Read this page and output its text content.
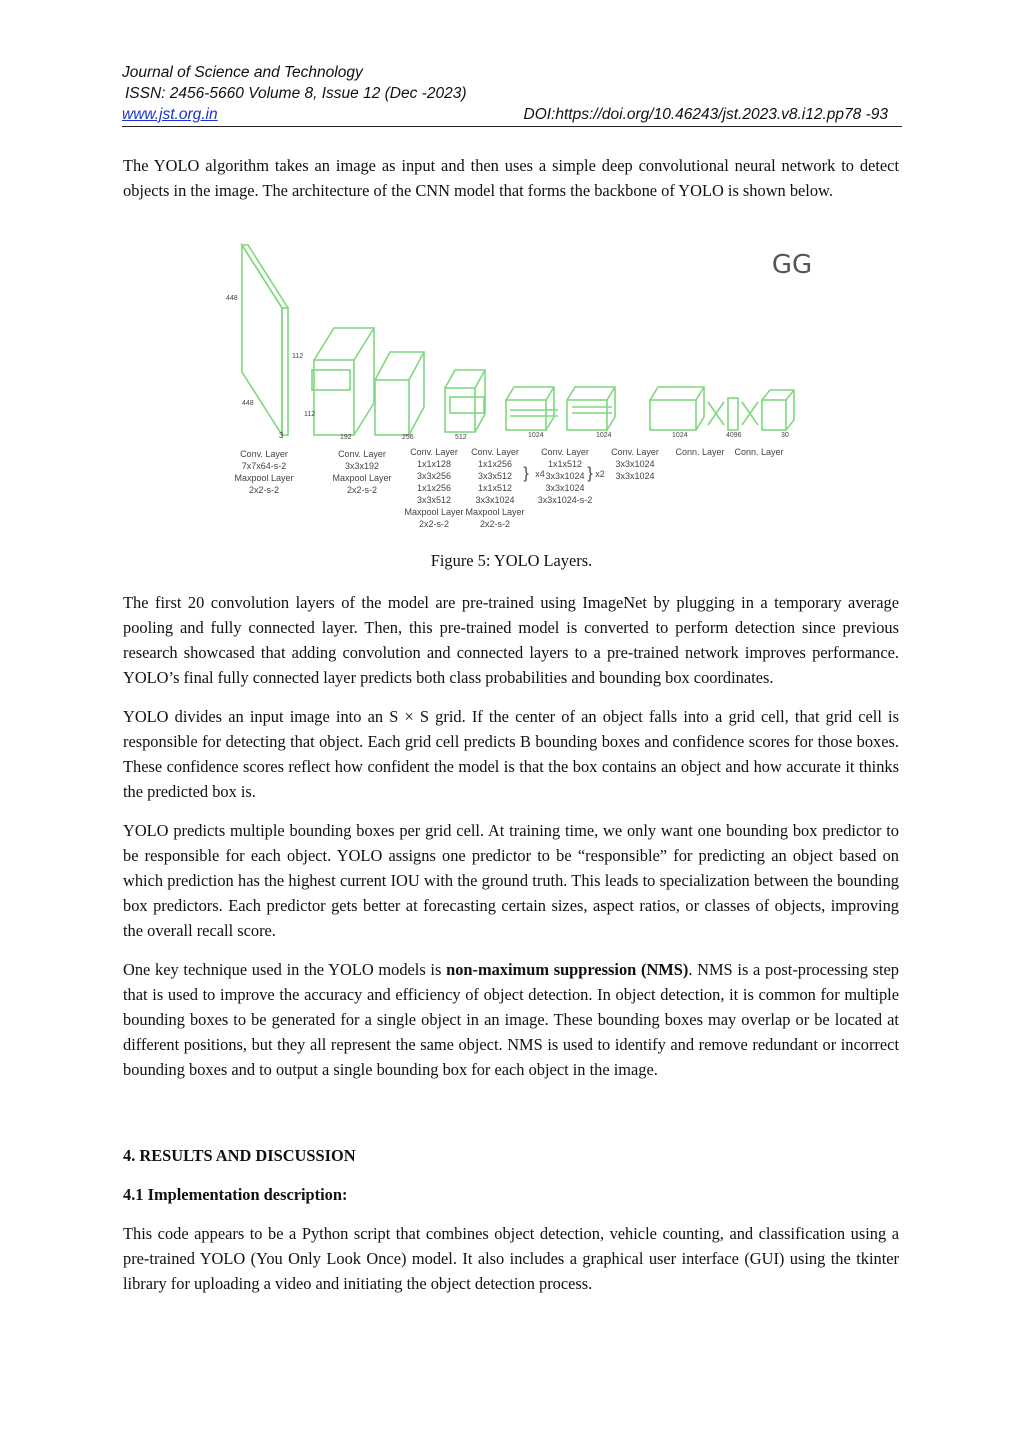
Journal of Science and Technology
ISSN: 2456-5660 Volume 8, Issue 12 (Dec -2023)
www.jst.org.in	DOI:https://doi.org/10.46243/jst.2023.v8.i12.pp78 -93

The YOLO algorithm takes an image as input and then uses a simple deep convolutional neural network to detect objects in the image. The architecture of the CNN model that forms the backbone of YOLO is shown below.

448
448
3
112
112
192	256	512	1024	1024	1024	4096	30
GG
Conv. Layer
7x7x64-s-2
Maxpool Layer
2x2-s-2
Conv. Layer
3x3x192
Maxpool Layer
2x2-s-2
Conv. Layer
1x1x128
3x3x256
1x1x256
3x3x512
Maxpool Layer
2x2-s-2
Conv. Layer
1x1x256
3x3x512
1x1x512
3x3x1024
Maxpool Layer
2x2-s-2
} x4
Conv. Layer
1x1x512
3x3x1024
3x3x1024
3x3x1024-s-2
} x2
Conv. Layer
3x3x1024
3x3x1024
Conn. Layer Conn. Layer
Figure 5: YOLO Layers.

The first 20 convolution layers of the model are pre-trained using ImageNet by plugging in a temporary average pooling and fully connected layer. Then, this pre-trained model is converted to perform detection since previous research showcased that adding convolution and connected layers to a pre-trained network improves performance. YOLO’s final fully connected layer predicts both class probabilities and bounding box coordinates.

YOLO divides an input image into an S × S grid. If the center of an object falls into a grid cell, that grid cell is responsible for detecting that object. Each grid cell predicts B bounding boxes and confidence scores for those boxes. These confidence scores reflect how confident the model is that the box contains an object and how accurate it thinks the predicted box is.

YOLO predicts multiple bounding boxes per grid cell. At training time, we only want one bounding box predictor to be responsible for each object. YOLO assigns one predictor to be “responsible” for predicting an object based on which prediction has the highest current IOU with the ground truth. This leads to specialization between the bounding box predictors. Each predictor gets better at forecasting certain sizes, aspect ratios, or classes of objects, improving the overall recall score.

One key technique used in the YOLO models is non-maximum suppression (NMS). NMS is a post-processing step that is used to improve the accuracy and efficiency of object detection. In object detection, it is common for multiple bounding boxes to be generated for a single object in an image. These bounding boxes may overlap or be located at different positions, but they all represent the same object. NMS is used to identify and remove redundant or incorrect bounding boxes and to output a single bounding box for each object in the image.

4. RESULTS AND DISCUSSION
4.1 Implementation description:

This code appears to be a Python script that combines object detection, vehicle counting, and classification using a pre-trained YOLO (You Only Look Once) model. It also includes a graphical user interface (GUI) using the tkinter library for uploading a video and initiating the object detection process.
